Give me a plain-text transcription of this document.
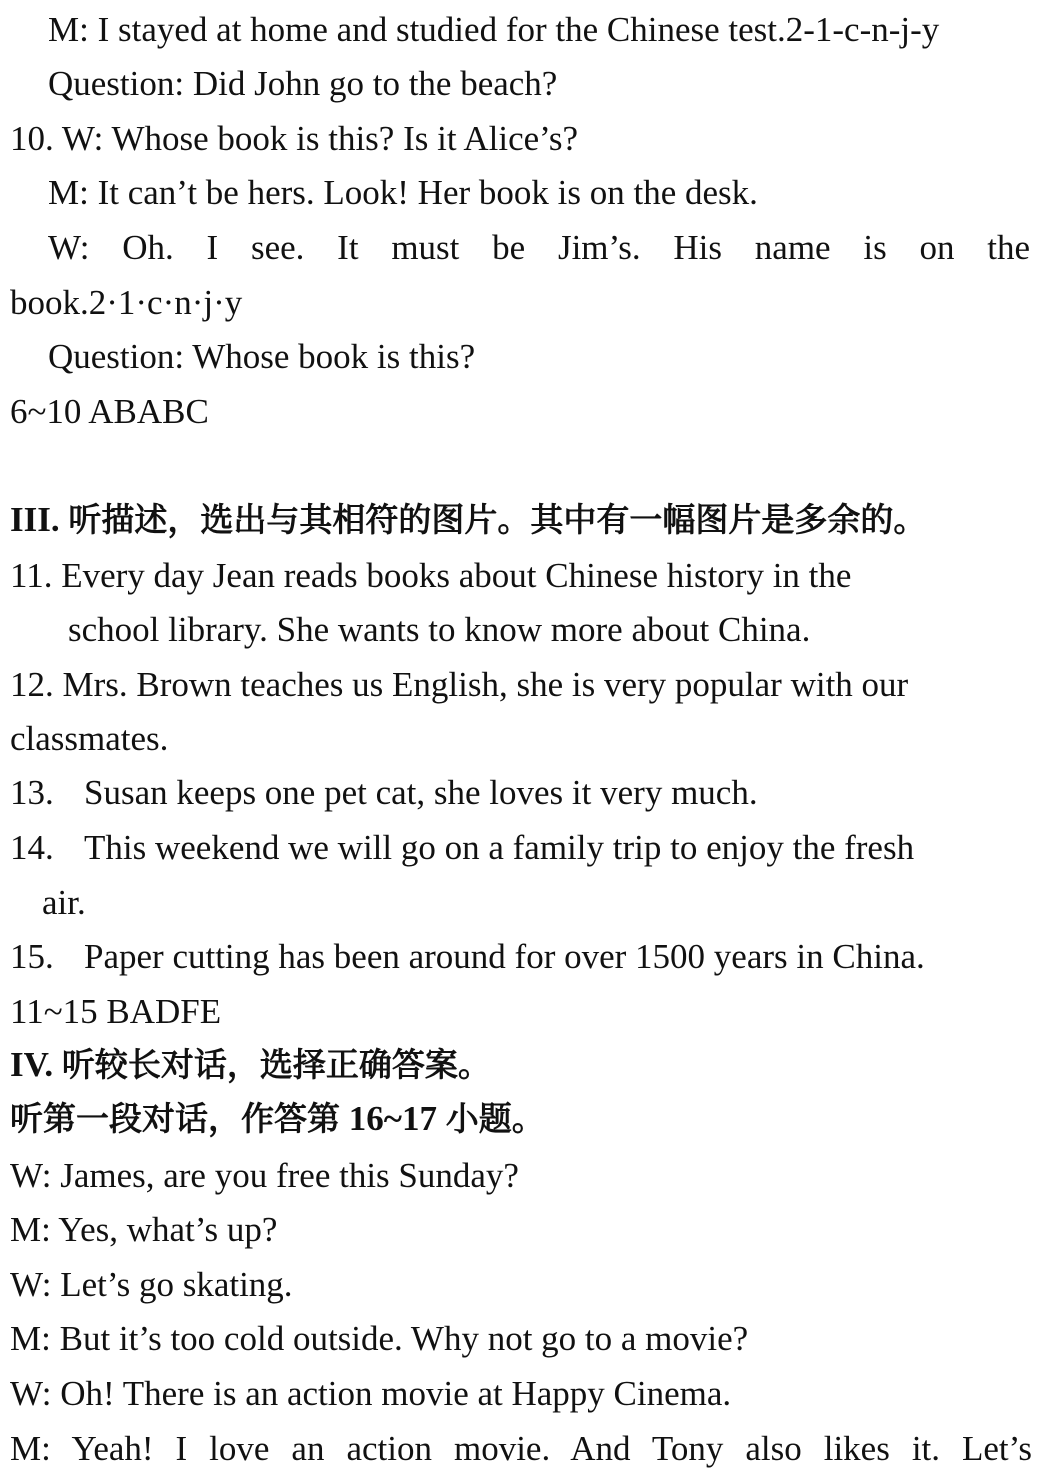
M: I stayed at home and studied for the Chinese test.2-1-c-n-j-y
Question: Did John go to the beach?
10. W: Whose book is this? Is it Alice’s?
M: It can’t be hers. Look! Her book is on the desk.
W: Oh. I see. It must be Jim’s. His name is on the
book.2·1·c·n·j·y
Question: Whose book is this?
6~10 ABABC
III. 听描述，选出与其相符的图片。其中有一幅图片是多余的。
11. Every day Jean reads books about Chinese history in the
school library. She wants to know more about China.
12. Mrs. Brown teaches us English, she is very popular with our
classmates.
13. Susan keeps one pet cat, she loves it very much.
14. This weekend we will go on a family trip to enjoy the fresh
air.
15. Paper cutting has been around for over 1500 years in China.
11~15 BADFE
IV. 听较长对话，选择正确答案。
听第一段对话，作答第 16~17 小题。
W: James, are you free this Sunday?
M: Yes, what’s up?
W: Let’s go skating.
M: But it’s too cold outside. Why not go to a movie?
W: Oh! There is an action movie at Happy Cinema.
M: Yeah! I love an action movie. And Tony also likes it. Let’s
